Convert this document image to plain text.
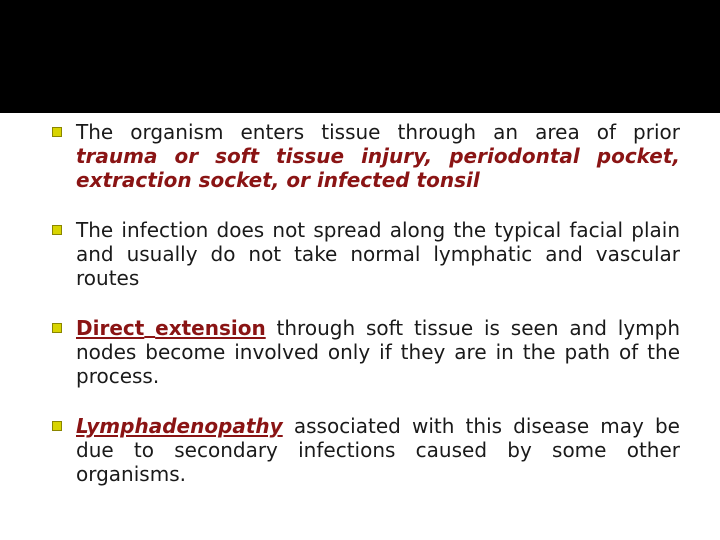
The organism enters tissue through an area of prior trauma or soft tissue injury, periodontal pocket, extraction socket, or infected tonsil
The infection does not spread along the typical facial plain and usually do not take normal lymphatic and vascular routes
Direct extension through soft tissue is seen and lymph nodes become involved only if they are in the path of the process.
Lymphadenopathy associated with this disease may be due to secondary infections caused by some other organisms.
